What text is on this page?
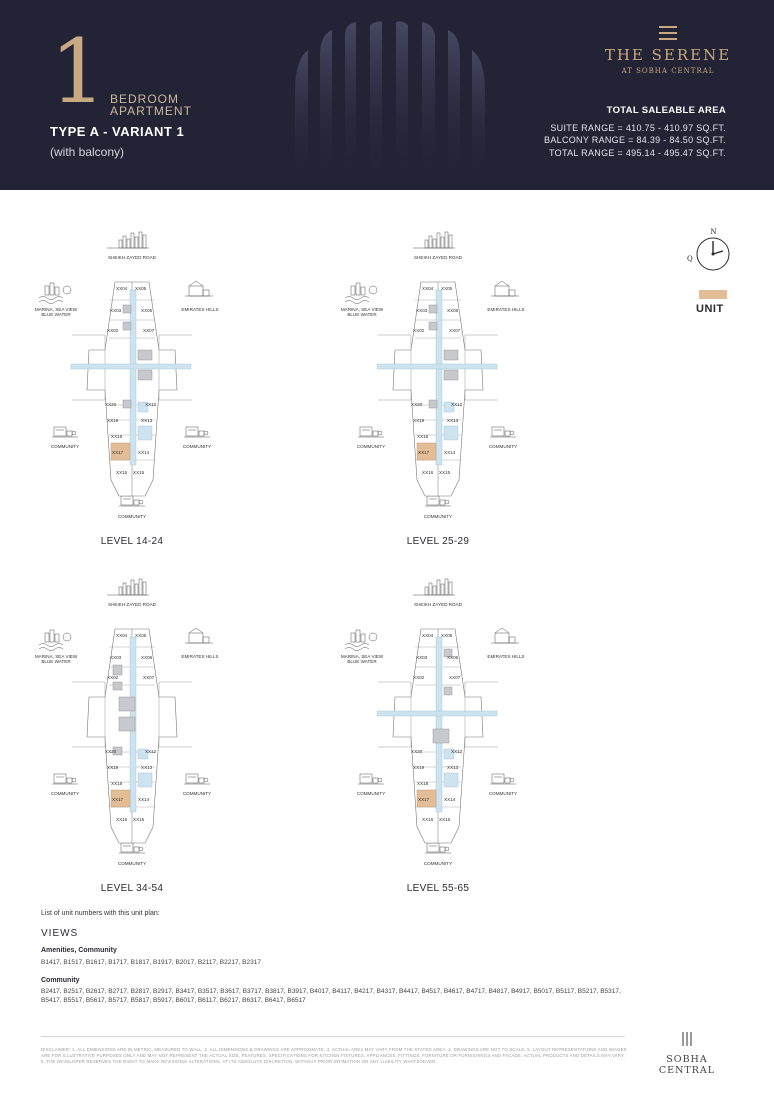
1 BEDROOM
APARTMENT
TYPE A - VARIANT 1
(with balcony)
THE SERENE
AT SOBHA CENTRAL
TOTAL SALEABLE AREA
SUITE RANGE = 410.75 - 410.97 SQ.FT.
BALCONY RANGE = 84.39 - 84.50 SQ.FT.
TOTAL RANGE = 495.14 - 495.47 SQ.FT.
N
Q
UNIT
SHEIKH ZAYED ROAD
MARINA, SEA VIEW
BLUE WATER
EMIRATES HILLS
COMMUNITY	COMMUNITY
COMMUNITY
XX04 XX05
XX03	XX06
XX02	XX07
XX20	XX12
XX19	XX13
XX18
XX17	XX14
XX16 XX15
LEVEL 14-24
SHEIKH ZAYED ROAD
MARINA, SEA VIEW
BLUE WATER
EMIRATES HILLS
COMMUNITY	COMMUNITY
COMMUNITY
XX04 XX05
XX03	XX06
XX02	XX07
XX20	XX12
XX19	XX13
XX18
XX17	XX14
XX16 XX15
LEVEL 25-29
SHEIKH ZAYED ROAD
MARINA, SEA VIEW
BLUE WATER
EMIRATES HILLS
COMMUNITY	COMMUNITY
COMMUNITY
XX04 XX05
XX03	XX06
XX02	XX07
XX20	XX12
XX19	XX13
XX18
XX17	XX14
XX16 XX15
LEVEL 34-54
SHEIKH ZAYED ROAD
MARINA, SEA VIEW
BLUE WATER
EMIRATES HILLS
COMMUNITY	COMMUNITY
COMMUNITY
XX04 XX05
XX03	XX06
XX02	XX07
XX20	XX12
XX19	XX13
XX18
XX17	XX14
XX16 XX15
LEVEL 55-65
List of unit numbers with this unit plan:
VIEWS
Amenities, Community
B1417, B1517, B1617, B1717, B1817, B1917, B2017, B2117, B2217, B2317
Community
B2417, B2517, B2617, B2717, B2817, B2917, B3417, B3517, B3617, B3717, B3817, B3917, B4017, B4117, B4217, B4317, B4417, B4517, B4617, B4717, B4817, B4917, B5017, B5117, B5217, B5317, B5417, B5517, B5617, B5717, B5817, B5917, B6017, B6117, B6217, B6317, B6417, B6517
DISCLAIMER: 1. ALL DIMENSIONS ARE IN METRIC, MEASURED TO WALL. 2. ALL DIMENSIONS & DRAWINGS ARE APPROXIMATE. 3. ACTUAL AREA MAY VARY FROM THE STATED AREA. 4. DRAWINGS ARE NOT TO SCALE. 5. LAYOUT REPRESENTATIONS AND IMAGES ARE FOR ILLUSTRATIVE PURPOSES ONLY AND MAY NOT REPRESENT THE ACTUAL SIZE, FEATURES, SPECIFICATIONS FOR KITCHEN FIXTURES, APPLIANCES, FITTINGS, FURNITURE OR FURNISHINGS AND FACADE. ACTUAL PRODUCTS AND DETAILS MAY VARY. 6. THE DEVELOPER RESERVES THE RIGHT TO MAKE REVISIONS/ ALTERATIONS, AT ITS ABSOLUTE DISCRETION, WITHOUT PRIOR INTIMATION OR ANY LIABILITY WHATSOEVER.	SOBHA CENTRAL
